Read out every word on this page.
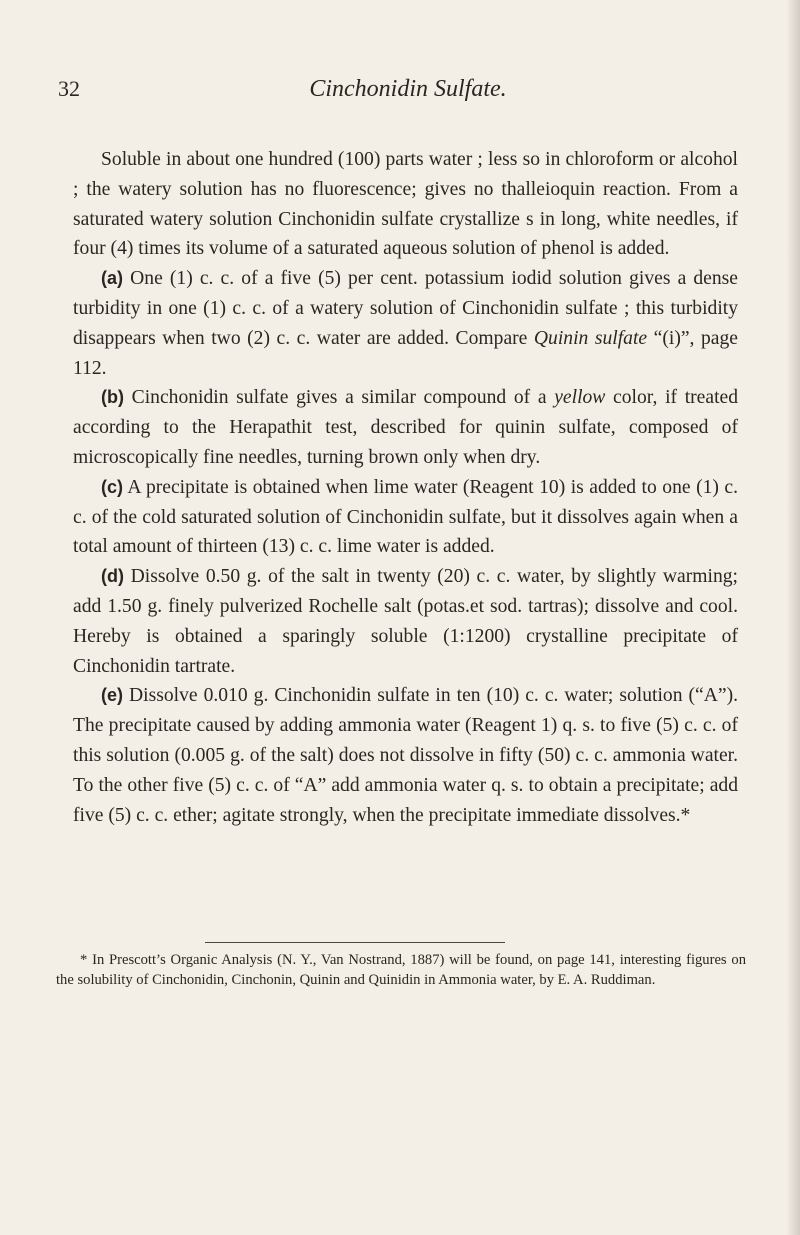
32	Cinchonidin Sulfate.

Soluble in about one hundred (100) parts water ; less so in chloroform or alcohol ; the watery solution has no fluorescence; gives no thalleioquin reaction. From a saturated watery solution Cinchonidin sulfate crystallize s in long, white needles, if four (4) times its volume of a saturated aqueous solution of phenol is added.

(a) One (1) c. c. of a five (5) per cent. potassium iodid solution gives a dense turbidity in one (1) c. c. of a watery solution of Cinchonidin sulfate ; this turbidity disappears when two (2) c. c. water are added. Compare Quinin sulfate “(i)”, page 112.

(b) Cinchonidin sulfate gives a similar compound of a yellow color, if treated according to the Herapathit test, described for quinin sulfate, composed of microscopically fine needles, turning brown only when dry.

(c) A precipitate is obtained when lime water (Reagent 10) is added to one (1) c. c. of the cold saturated solution of Cinchonidin sulfate, but it dissolves again when a total amount of thirteen (13) c. c. lime water is added.

(d) Dissolve 0.50 g. of the salt in twenty (20) c. c. water, by slightly warming; add 1.50 g. finely pulverized Rochelle salt (potas.et sod. tartras); dissolve and cool. Hereby is obtained a sparingly soluble (1:1200) crystalline precipitate of Cinchonidin tartrate.

(e) Dissolve 0.010 g. Cinchonidin sulfate in ten (10) c. c. water; solution (“A”). The precipitate caused by adding ammonia water (Reagent 1) q. s. to five (5) c. c. of this solution (0.005 g. of the salt) does not dissolve in fifty (50) c. c. ammonia water. To the other five (5) c. c. of “A” add ammonia water q. s. to obtain a precipitate; add five (5) c. c. ether; agitate strongly, when the precipitate immediate dissolves.*

* In Prescott’s Organic Analysis (N. Y., Van Nostrand, 1887) will be found, on page 141, interesting figures on the solubility of Cinchonidin, Cinchonin, Quinin and Quinidin in Ammonia water, by E. A. Ruddiman.
